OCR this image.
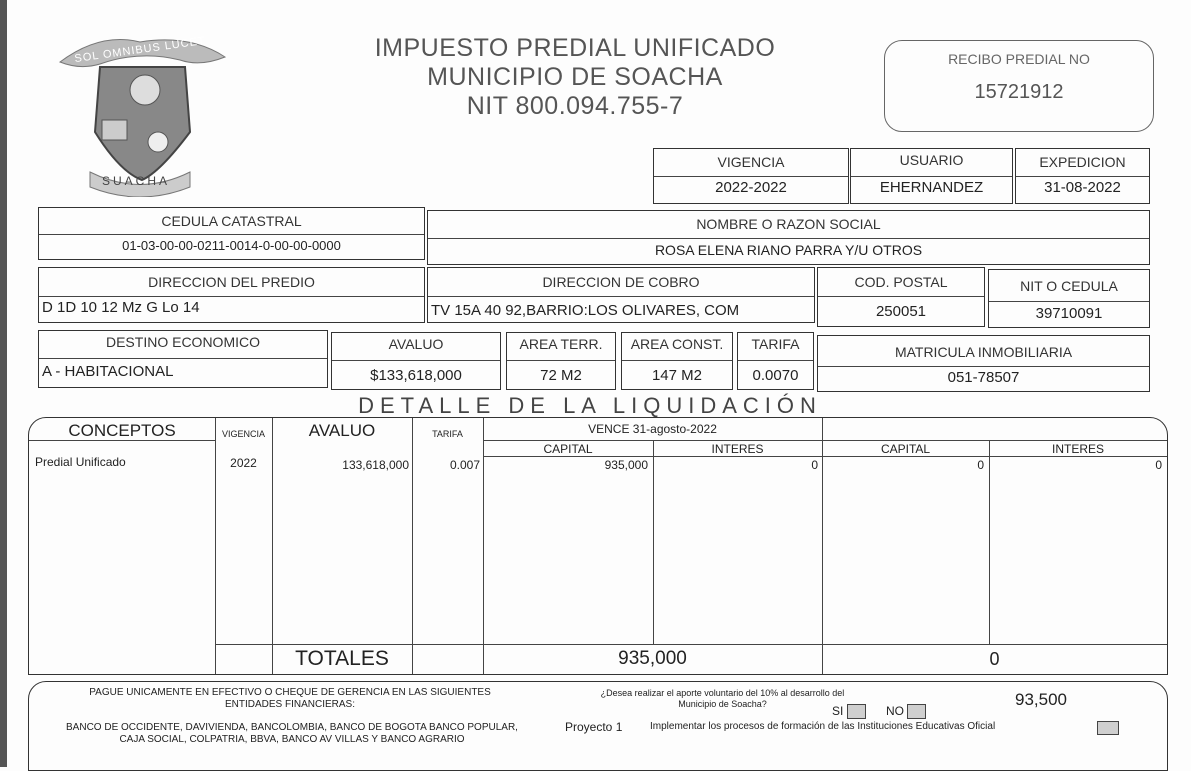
SOL OMNIBUS LUCET
SUACHA
IMPUESTO PREDIAL UNIFICADO
MUNICIPIO DE SOACHA
NIT 800.094.755-7
RECIBO PREDIAL NO
15721912
VIGENCIA
2022-2022
USUARIO
EHERNANDEZ
EXPEDICION
31-08-2022
CEDULA CATASTRAL
01-03-00-00-0211-0014-0-00-00-0000
NOMBRE O RAZON SOCIAL
ROSA ELENA RIANO PARRA Y/U OTROS
DIRECCION DEL PREDIO
D 1D 10 12 Mz G Lo 14
DIRECCION DE COBRO
TV 15A 40 92,BARRIO:LOS OLIVARES, COM
COD. POSTAL
250051
NIT O CEDULA
39710091
DESTINO ECONOMICO
A - HABITACIONAL
AVALUO
$133,618,000
AREA TERR.
72 M2
AREA CONST.
147 M2
TARIFA
0.0070
MATRICULA INMOBILIARIA
051-78507
DETALLE DE LA LIQUIDACIÓN
CONCEPTOS	VIGENCIA	AVALUO	TARIFA	VENCE 31-agosto-2022
CAPITAL	INTERES	CAPITAL	INTERES
Predial Unificado	2022	133,618,000	0.007	935,000	0	0	0
TOTALES	935,000	0
PAGUE UNICAMENTE EN EFECTIVO O CHEQUE DE GERENCIA EN LAS SIGUIENTES
ENTIDADES FINANCIERAS:
BANCO DE OCCIDENTE, DAVIVIENDA, BANCOLOMBIA, BANCO DE BOGOTA BANCO POPULAR,
CAJA SOCIAL, COLPATRIA, BBVA, BANCO AV VILLAS Y BANCO AGRARIO
¿Desea realizar el aporte voluntario del 10% al desarrollo del
Municipio de Soacha?	SI	NO
93,500
Proyecto 1	Implementar los procesos de formación de las Instituciones Educativas Oficial
